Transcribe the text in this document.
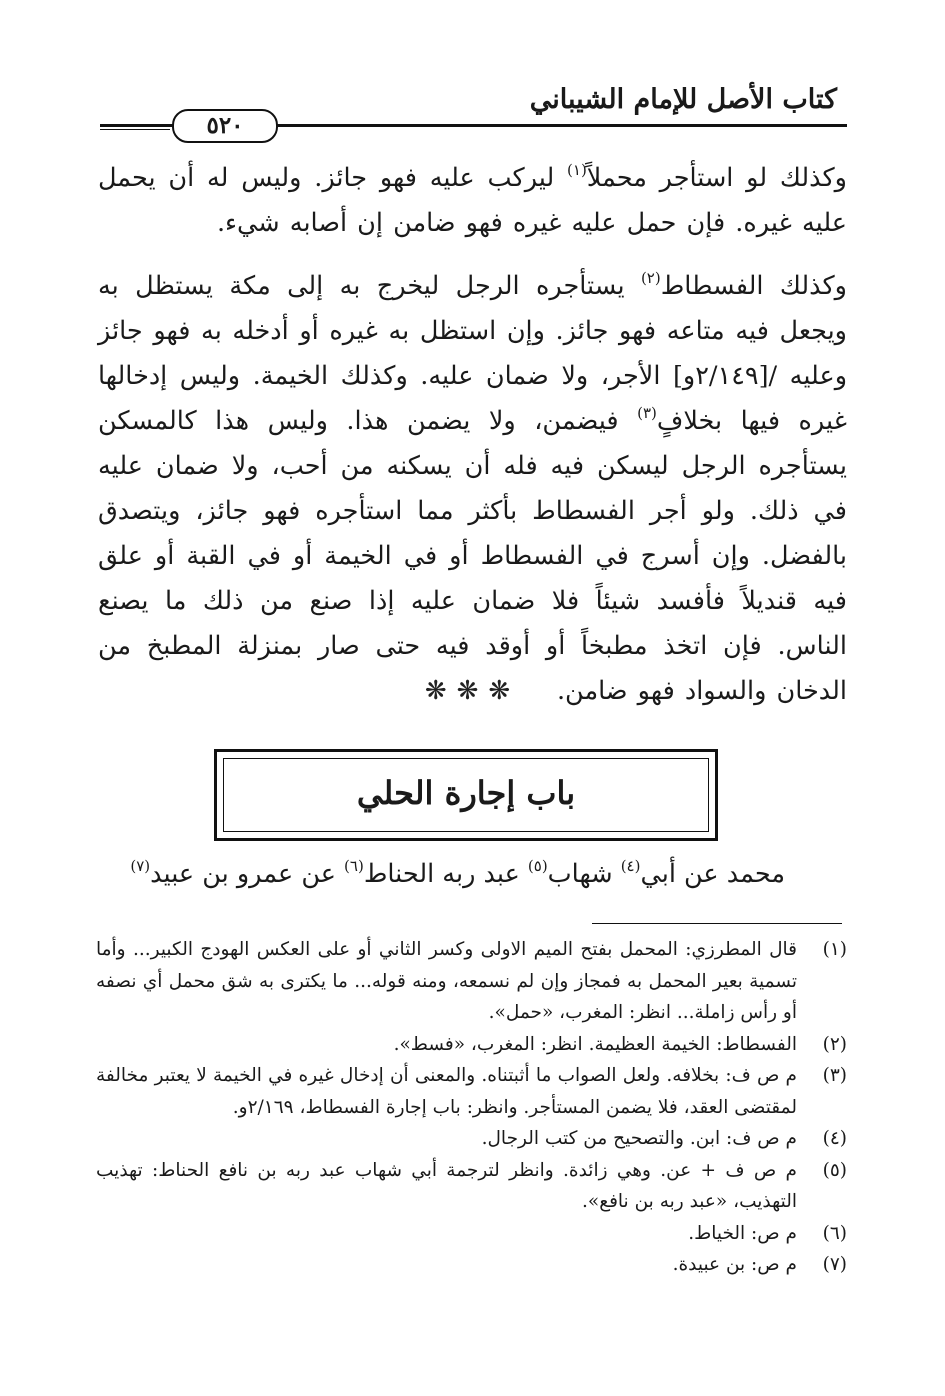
كتاب الأصل للإمام الشيباني
٥٢٠
وكذلك لو استأجر محملاً$^{(١)}$ ليركب عليه فهو جائز. وليس له أن يحمل عليه غيره. فإن حمل عليه غيره فهو ضامن إن أصابه شيء.
وكذلك الفسطاط$^{(٢)}$ يستأجره الرجل ليخرج به إلى مكة يستظل به ويجعل فيه متاعه فهو جائز. وإن استظل به غيره أو أدخله به فهو جائز وعليه /[٢/١٤٩و] الأجر، ولا ضمان عليه. وكذلك الخيمة. وليس إدخالها غيره فيها بخلافٍ$^{(٣)}$ فيضمن، ولا يضمن هذا. وليس هذا كالمسكن يستأجره الرجل ليسكن فيه فله أن يسكنه من أحب، ولا ضمان عليه في ذلك. ولو أجر الفسطاط بأكثر مما استأجره فهو جائز، ويتصدق بالفضل. وإن أسرج في الفسطاط أو في الخيمة أو في القبة أو علق فيه قنديلاً فأفسد شيئاً فلا ضمان عليه إذا صنع من ذلك ما يصنع الناس. فإن اتخذ مطبخاً أو أوقد فيه حتى صار بمنزلة المطبخ من الدخان والسواد فهو ضامن.
❋❋❋
باب إجارة الحلي
محمد عن أبي$^{(٤)}$ شهاب$^{(٥)}$ عبد ربه الحناط$^{(٦)}$ عن عمرو بن عبيد$^{(٧)}$
(١)
قال المطرزي: المحمل بفتح الميم الاولى وكسر الثاني أو على العكس الهودج الكبير... وأما تسمية بعير المحمل به فمجاز وإن لم نسمعه، ومنه قوله... ما يكترى به شق محمل أي نصفه أو رأس زاملة... انظر: المغرب، «حمل».
(٢)
الفسطاط: الخيمة العظيمة. انظر: المغرب، «فسط».
(٣)
م ص ف: بخلافه. ولعل الصواب ما أثبتناه. والمعنى أن إدخال غيره في الخيمة لا يعتبر مخالفة لمقتضى العقد، فلا يضمن المستأجر. وانظر: باب إجارة الفسطاط، ٢/١٦٩و.
(٤)
م ص ف: ابن. والتصحيح من كتب الرجال.
(٥)
م ص ف + عن. وهي زائدة. وانظر لترجمة أبي شهاب عبد ربه بن نافع الحناط: تهذيب التهذيب، «عبد ربه بن نافع».
(٦)
م ص: الخياط.
(٧)
م ص: بن عبيدة.
